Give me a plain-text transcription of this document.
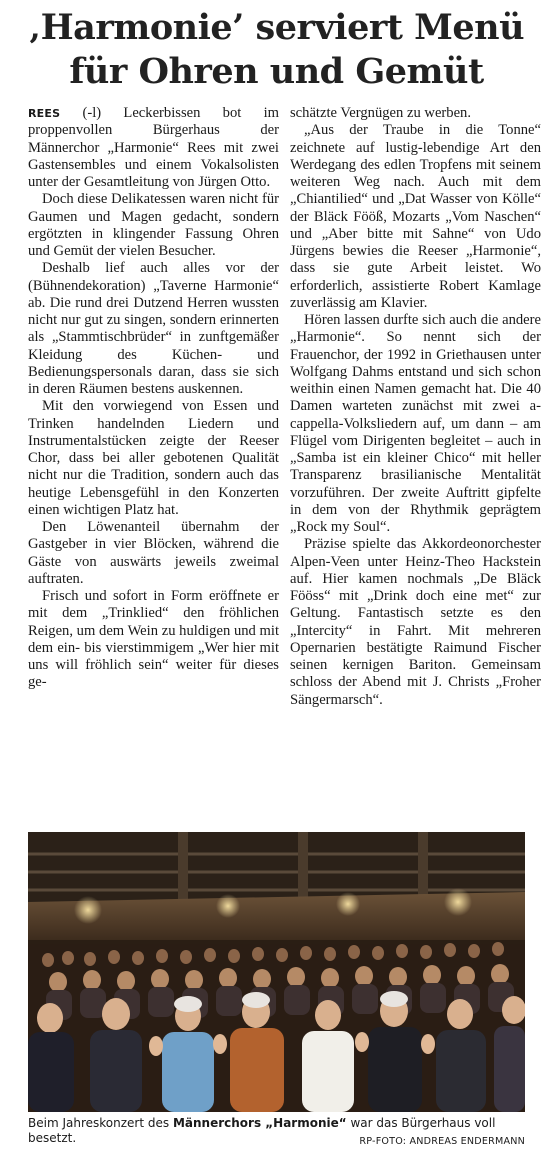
‚Harmonie’ serviert Menü
für Ohren und Gemüt

REES (-l) Leckerbissen bot im proppenvollen Bürgerhaus der Männerchor „Harmonie“ Rees mit zwei Gastensembles und einem Vokalsolisten unter der Gesamtleitung von Jürgen Otto.

Doch diese Delikatessen waren nicht für Gaumen und Magen gedacht, sondern ergötzten in klingender Fassung Ohren und Gemüt der vielen Besucher.

Deshalb lief auch alles vor der (Bühnendekoration) „Taverne Harmonie“ ab. Die rund drei Dutzend Herren wussten nicht nur gut zu singen, sondern erinnerten als „Stammtischbrüder“ in zunftgemäßer Kleidung des Küchen- und Bedienungspersonals daran, dass sie sich in deren Räumen bestens auskennen.

Mit den vorwiegend von Essen und Trinken handelnden Liedern und Instrumentalstücken zeigte der Reeser Chor, dass bei aller gebotenen Qualität nicht nur die Tradition, sondern auch das heutige Lebensgefühl in den Konzerten einen wichtigen Platz hat.

Den Löwenanteil übernahm der Gastgeber in vier Blöcken, während die Gäste von auswärts jeweils zweimal auftraten.

Frisch und sofort in Form eröffnete er mit dem „Trinklied“ den fröhlichen Reigen, um dem Wein zu huldigen und mit dem ein- bis vierstimmigem „Wer hier mit uns will fröhlich sein“ weiter für dieses ge-

schätzte Vergnügen zu werben.

„Aus der Traube in die Tonne“ zeichnete auf lustig-lebendige Art den Werdegang des edlen Tropfens mit seinem weiteren Weg nach. Auch mit dem „Chiantilied“ und „Dat Wasser von Kölle“ der Bläck Fööß, Mozarts „Vom Naschen“ und „Aber bitte mit Sahne“ von Udo Jürgens bewies die Reeser „Harmonie“, dass sie gute Arbeit leistet. Wo erforderlich, assistierte Robert Kamlage zuverlässig am Klavier.

Hören lassen durfte sich auch die andere „Harmonie“. So nennt sich der Frauenchor, der 1992 in Griethausen unter Wolfgang Dahms entstand und sich schon weithin einen Namen gemacht hat. Die 40 Damen warteten zunächst mit zwei a-cappella-Volksliedern auf, um dann – am Flügel vom Dirigenten begleitet – auch in „Samba ist ein kleiner Chico“ mit heller Transparenz brasilianische Mentalität vorzuführen. Der zweite Auftritt gipfelte in dem von der Rhythmik geprägtem „Rock my Soul“.

Präzise spielte das Akkordeonorchester Alpen-Veen unter Heinz-Theo Hackstein auf. Hier kamen nochmals „De Bläck Fööss“ mit „Drink doch eine met“ zur Geltung. Fantastisch setzte es den „Intercity“ in Fahrt. Mit mehreren Opernarien bestätigte Raimund Fischer seinen kernigen Bariton. Gemeinsam schloss der Abend mit J. Christs „Froher Sängermarsch“.

Beim Jahreskonzert des Männerchors „Harmonie“ war das Bürgerhaus voll besetzt.	RP-FOTO: ANDREAS ENDERMANN
